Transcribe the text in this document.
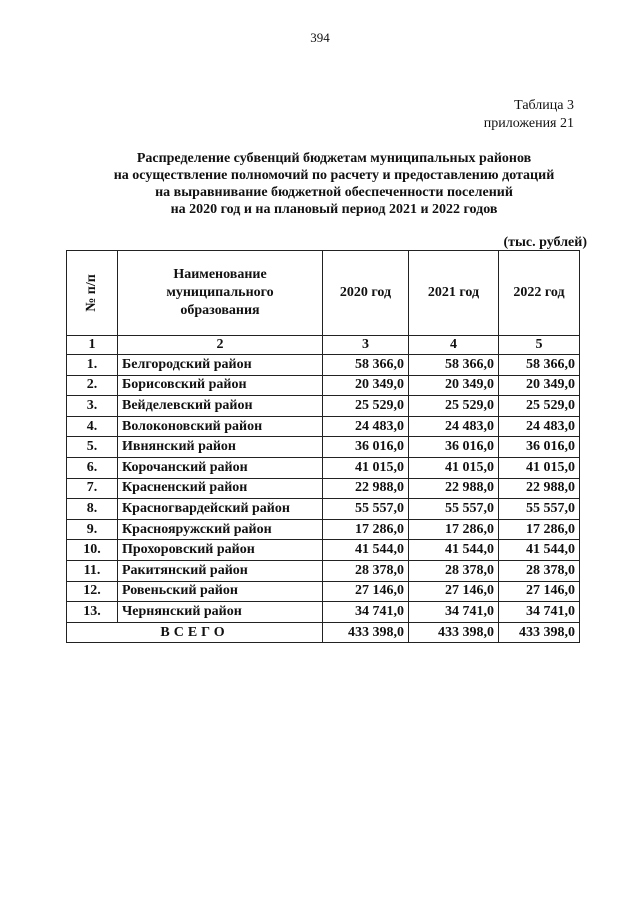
394
Таблица 3
приложения 21
Распределение субвенций бюджетам муниципальных районов
на осуществление полномочий по расчету и предоставлению дотаций
на выравнивание бюджетной обеспеченности поселений
на 2020 год и на плановый период 2021 и 2022 годов
(тыс. рублей)
№ п/п	Наименование
муниципального
образования	2020 год	2021 год	2022 год
1	2	3	4	5
1.	Белгородский район	58 366,0	58 366,0	58 366,0
2.	Борисовский район	20 349,0	20 349,0	20 349,0
3.	Вейделевский район	25 529,0	25 529,0	25 529,0
4.	Волоконовский район	24 483,0	24 483,0	24 483,0
5.	Ивнянский район	36 016,0	36 016,0	36 016,0
6.	Корочанский район	41 015,0	41 015,0	41 015,0
7.	Красненский район	22 988,0	22 988,0	22 988,0
8.	Красногвардейский район	55 557,0	55 557,0	55 557,0
9.	Краснояружский район	17 286,0	17 286,0	17 286,0
10.	Прохоровский район	41 544,0	41 544,0	41 544,0
11.	Ракитянский район	28 378,0	28 378,0	28 378,0
12.	Ровеньский район	27 146,0	27 146,0	27 146,0
13.	Чернянский район	34 741,0	34 741,0	34 741,0
ВСЕГО		433 398,0	433 398,0	433 398,0
